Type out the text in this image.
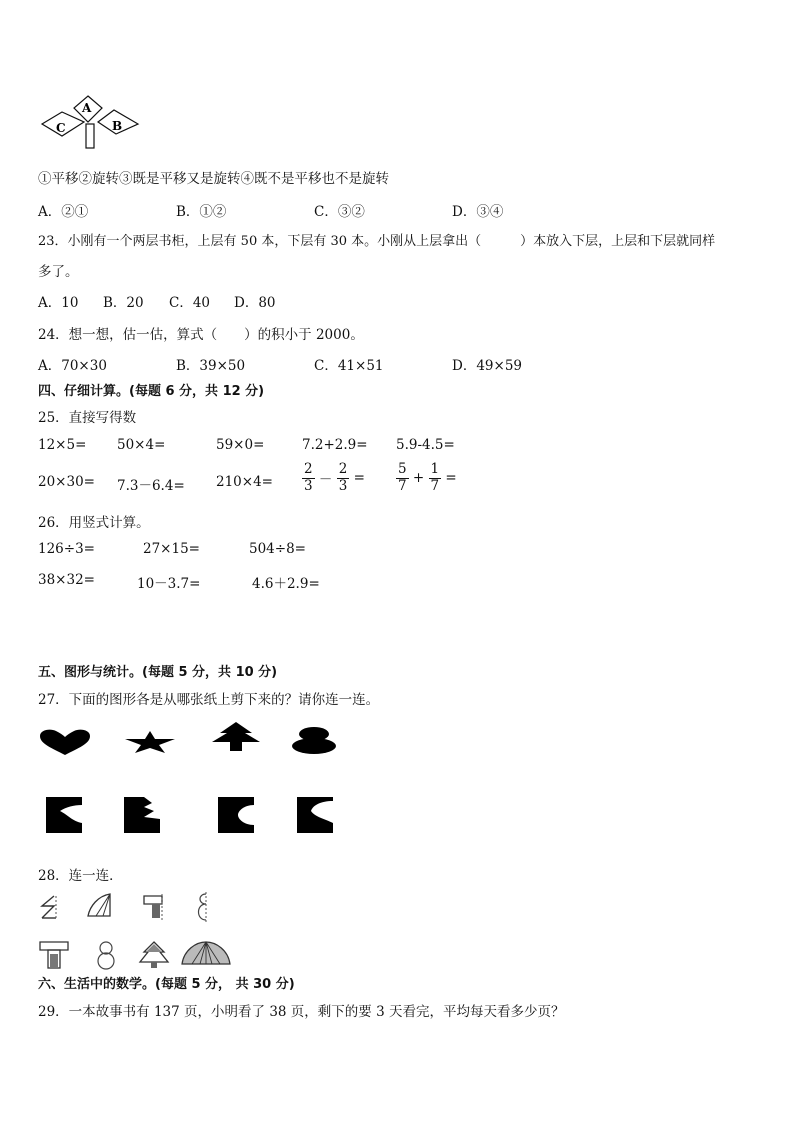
A
B
C
①平移②旋转③既是平移又是旋转④既不是平移也不是旋转
A．②①	B．①②	C．③②	D．③④
23．小刚有一个两层书柜，上层有 50 本，下层有 30 本。小刚从上层拿出（　　　）本放入下层，上层和下层就同样
多了。
A．10 B．20 C．40 D．80
24．想一想，估一估，算式（　　）的积小于 2000。
A．70×30	B．39×50	C．41×51	D．49×59
四、仔细计算。(每题 6 分，共 12 分)
25．直接写得数
12×5= 50×4=	59×0=	7.2+2.9= 5.9-4.5=
$20\times 30= 7.3-6.4= 210\times 4= \frac{2}{3} - \frac{2}{3} = \frac{5}{7} + \frac{1}{7}$ =
26．用竖式计算。
126÷3=	27×15=	504÷8=
38×32=	10－3.7=	4.6＋2.9=
五、图形与统计。(每题 5 分，共 10 分)
27．下面的图形各是从哪张纸上剪下来的？请你连一连。
28．连一连．
六、生活中的数学。(每题 5 分， 共 30 分)
29．一本故事书有 137 页，小明看了 38 页，剩下的要 3 天看完，平均每天看多少页？
